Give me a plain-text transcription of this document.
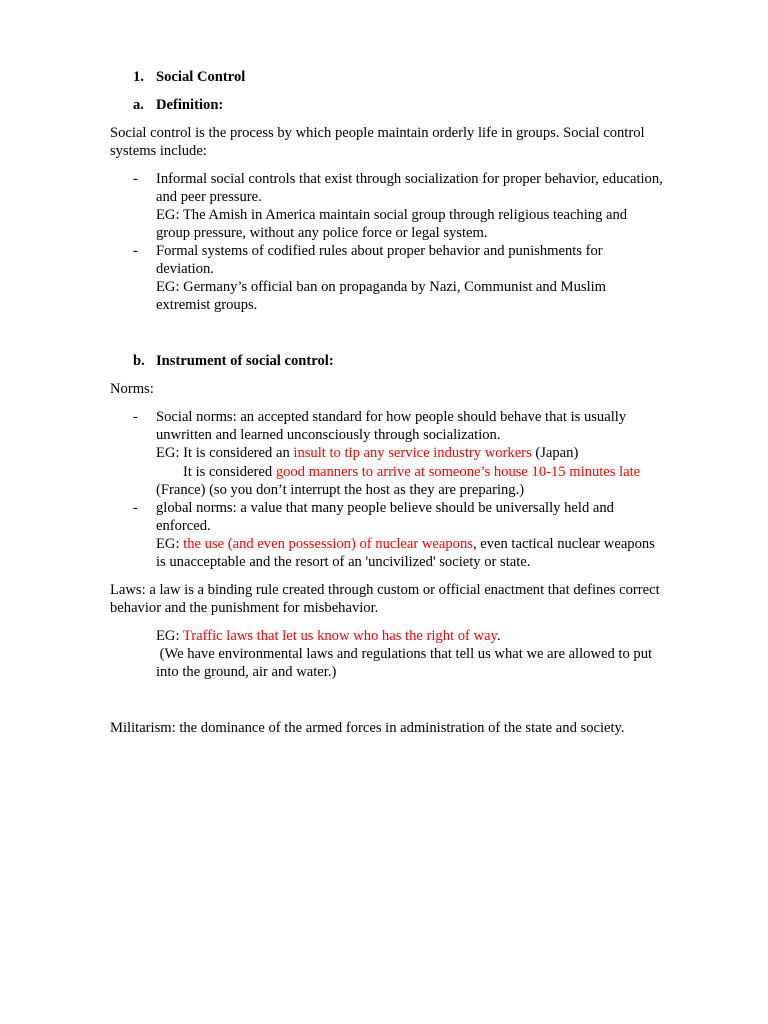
1. Social Control
a. Definition:
Social control is the process by which people maintain orderly life in groups. Social control
systems include:
- Informal social controls that exist through socialization for proper behavior, education,
and peer pressure.
EG: The Amish in America maintain social group through religious teaching and
group pressure, without any police force or legal system.
- Formal systems of codified rules about proper behavior and punishments for
deviation.
EG: Germany’s official ban on propaganda by Nazi, Communist and Muslim
extremist groups.
b. Instrument of social control:
Norms:
- Social norms: an accepted standard for how people should behave that is usually
unwritten and learned unconsciously through socialization.
EG: It is considered an insult to tip any service industry workers (Japan)
It is considered good manners to arrive at someone’s house 10-15 minutes late
(France) (so you don’t interrupt the host as they are preparing.)
- global norms: a value that many people believe should be universally held and
enforced.
EG: the use (and even possession) of nuclear weapons, even tactical nuclear weapons
is unacceptable and the resort of an 'uncivilized' society or state.
Laws: a law is a binding rule created through custom or official enactment that defines correct
behavior and the punishment for misbehavior.
EG: Traffic laws that let us know who has the right of way.
(We have environmental laws and regulations that tell us what we are allowed to put
into the ground, air and water.)
Militarism: the dominance of the armed forces in administration of the state and society.
